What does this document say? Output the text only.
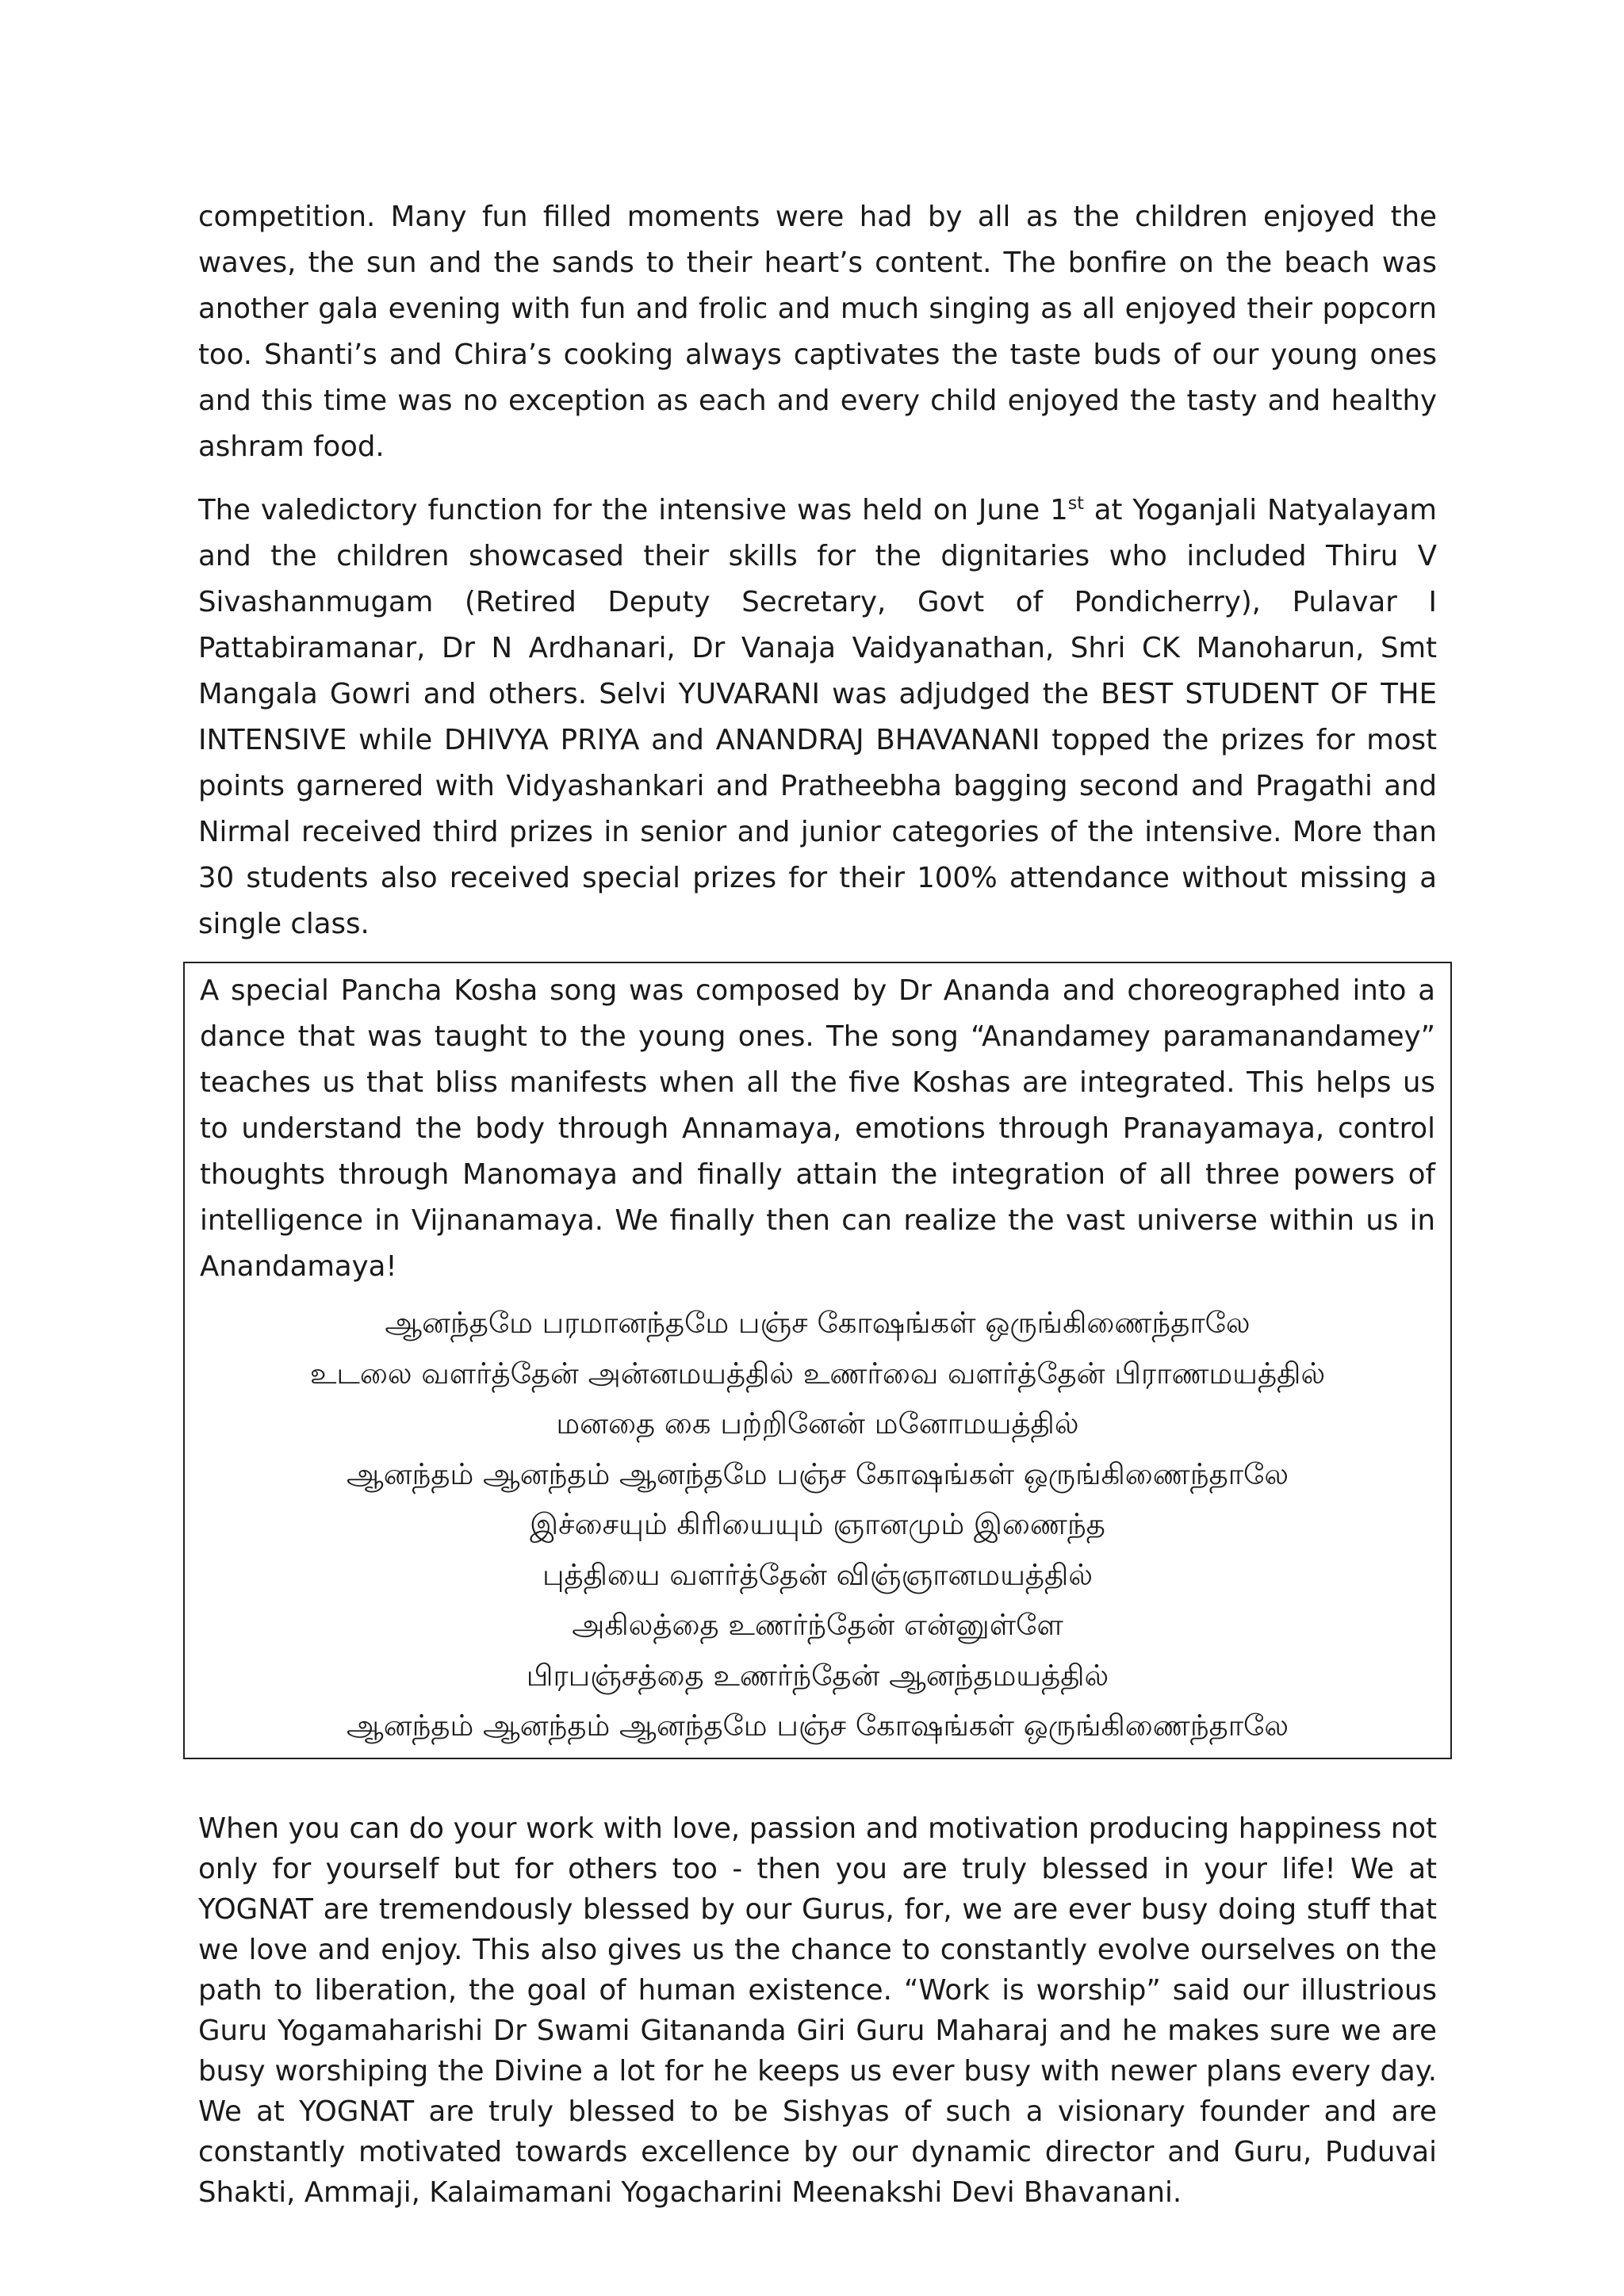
competition. Many fun filled moments were had by all as the children enjoyed the waves, the sun and the sands to their heart’s content. The bonfire on the beach was another gala evening with fun and frolic and much singing as all enjoyed their popcorn too. Shanti’s and Chira’s cooking always captivates the taste buds of our young ones and this time was no exception as each and every child enjoyed the tasty and healthy ashram food.

The valedictory function for the intensive was held on June 1st at Yoganjali Natyalayam and the children showcased their skills for the dignitaries who included Thiru V Sivashanmugam (Retired Deputy Secretary, Govt of Pondicherry), Pulavar I Pattabiramanar, Dr N Ardhanari, Dr Vanaja Vaidyanathan, Shri CK Manoharun, Smt Mangala Gowri and others. Selvi YUVARANI was adjudged the BEST STUDENT OF THE INTENSIVE while DHIVYA PRIYA and ANANDRAJ BHAVANANI topped the prizes for most points garnered with Vidyashankari and Pratheebha bagging second and Pragathi and Nirmal received third prizes in senior and junior categories of the intensive. More than 30 students also received special prizes for their 100% attendance without missing a single class.

A special Pancha Kosha song was composed by Dr Ananda and choreographed into a dance that was taught to the young ones. The song “Anandamey paramanandamey” teaches us that bliss manifests when all the five Koshas are integrated. This helps us to understand the body through Annamaya, emotions through Pranayamaya, control thoughts through Manomaya and finally attain the integration of all three powers of intelligence in Vijnanamaya. We finally then can realize the vast universe within us in Anandamaya!

ஆனந்தமே பரமானந்தமே பஞ்ச கோஷங்கள் ஒருங்கிணைந்தாலே
உடலை வளர்த்தேன் அன்னமயத்தில் உணர்வை வளர்த்தேன் பிராணமயத்தில்
மனதை கை பற்றினேன் மனோமயத்தில்
ஆனந்தம் ஆனந்தம் ஆனந்தமே பஞ்ச கோஷங்கள் ஒருங்கிணைந்தாலே
இச்சையும் கிரியையும் ஞானமும் இணைந்த
புத்தியை வளர்த்தேன் விஞ்ஞானமயத்தில்
அகிலத்தை உணர்ந்தேன் என்னுள்ளே
பிரபஞ்சத்தை உணர்ந்தேன் ஆனந்தமயத்தில்
ஆனந்தம் ஆனந்தம் ஆனந்தமே பஞ்ச கோஷங்கள் ஒருங்கிணைந்தாலே

When you can do your work with love, passion and motivation producing happiness not only for yourself but for others too - then you are truly blessed in your life! We at YOGNAT are tremendously blessed by our Gurus, for, we are ever busy doing stuff that we love and enjoy. This also gives us the chance to constantly evolve ourselves on the path to liberation, the goal of human existence. “Work is worship” said our illustrious Guru Yogamaharishi Dr Swami Gitananda Giri Guru Maharaj and he makes sure we are busy worshiping the Divine a lot for he keeps us ever busy with newer plans every day. We at YOGNAT are truly blessed to be Sishyas of such a visionary founder and are constantly motivated towards excellence by our dynamic director and Guru, Puduvai Shakti, Ammaji, Kalaimamani Yogacharini Meenakshi Devi Bhavanani.
